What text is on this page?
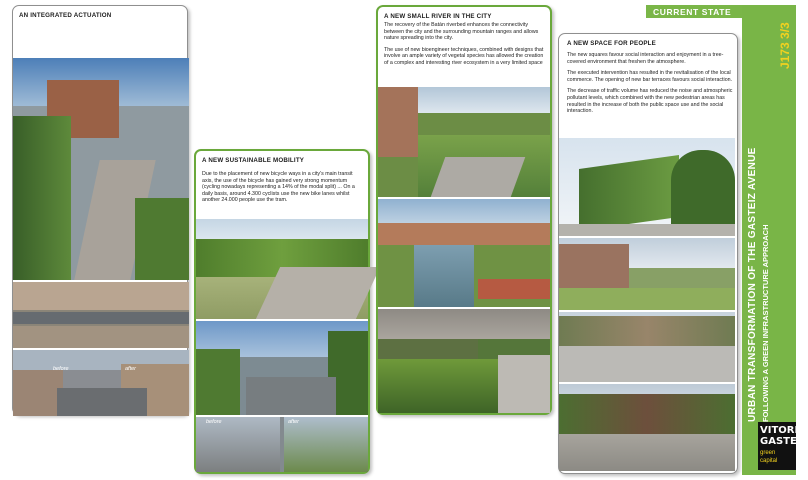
AN INTEGRATED ACTUATION
before	after
A NEW SUSTAINABLE MOBILITY
Due to the placement of new bicycle ways in a city's main transit axis, the use of the bicycle has gained very strong momentum (cycling nowadays representing a 14% of the modal split) ... On a daily basis, around 4.300 cyclists use the new bike lanes whilst another 24.000 people use the tram.
before	after
A NEW SMALL RIVER IN THE CITY

The recovery of the Batán riverbed enhances the connectivity between the city and the surrounding mountain ranges and allows nature spreading into the city.

The use of new bioengineer techniques, combined with designs that involve an ample variety of vegetal species has allowed the creation of a complex and interesting river ecosystem in a very limited space

A NEW SPACE FOR PEOPLE

The new squares favour social interaction and enjoyment in a tree-covered environment that freshen the atmosphere.

The executed intervention has resulted in the revitalisation of the local commerce. The opening of new bar terraces favours social interaction.

The decrease of traffic volume has reduced the noise and atmospheric pollutant levels, which combined with the new pedestrian areas has resulted in the increase of both the public space use and the social interaction.

CURRENT STATE
J173 3/3
URBAN TRANSFORMATION OF THE GASTEIZ AVENUE FOLLOWING A GREEN INFRASTRUCTURE APPROACH
VITORIA GASTEIZ
green capital
